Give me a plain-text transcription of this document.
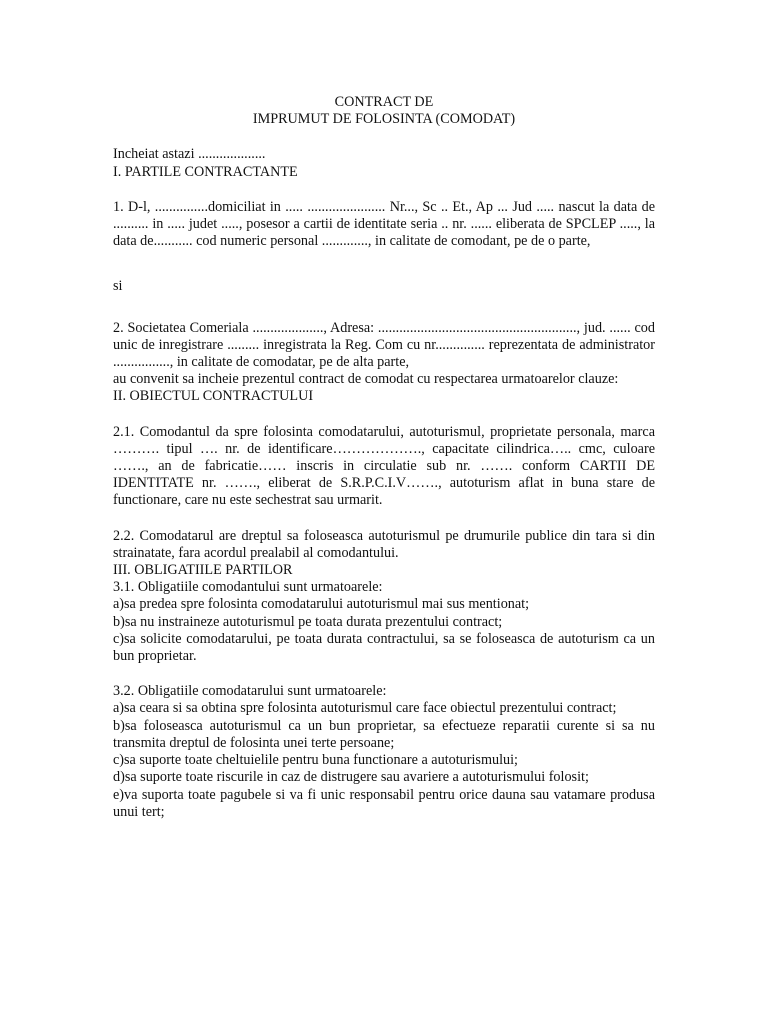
CONTRACT DE

IMPRUMUT DE FOLOSINTA (COMODAT)

Incheiat astazi ...................

I. PARTILE CONTRACTANTE

1. D-l, ...............domiciliat in ..... ...................... Nr..., Sc .. Et., Ap ... Jud ..... nascut la data de .......... in ..... judet ....., posesor a cartii de identitate seria .. nr. ...... eliberata de SPCLEP ....., la data de........... cod numeric personal ............., in calitate de comodant, pe de o parte,

si

2. Societatea Comeriala ...................., Adresa: ........................................................, jud. ...... cod unic de inregistrare ......... inregistrata la Reg. Com cu nr.............. reprezentata de administrator ................, in calitate de comodatar, pe de alta parte,

au convenit sa incheie prezentul contract de comodat cu respectarea urmatoarelor clauze:

II. OBIECTUL CONTRACTULUI

2.1. Comodantul da spre folosinta comodatarului, autoturismul, proprietate personala, marca ………. tipul …. nr. de identificare………………., capacitate cilindrica….. cmc, culoare ……., an de fabricatie…… inscris in circulatie sub nr. ……. conform CARTII DE IDENTITATE nr. ……., eliberat de S.R.P.C.I.V……., autoturism aflat in buna stare de functionare, care nu este sechestrat sau urmarit.

2.2. Comodatarul are dreptul sa foloseasca autoturismul pe drumurile publice din tara si din strainatate, fara acordul prealabil al comodantului.

III. OBLIGATIILE PARTILOR

3.1. Obligatiile comodantului sunt urmatoarele:

a)sa predea spre folosinta comodatarului autoturismul mai sus mentionat;

b)sa nu instraineze autoturismul pe toata durata prezentului contract;

c)sa solicite comodatarului, pe toata durata contractului, sa se foloseasca de autoturism ca un bun proprietar.

3.2. Obligatiile comodatarului sunt urmatoarele:

a)sa ceara si sa obtina spre folosinta autoturismul care face obiectul prezentului contract;

b)sa foloseasca autoturismul ca un bun proprietar, sa efectueze reparatii curente si sa nu transmita dreptul de folosinta unei terte persoane;

c)sa suporte toate cheltuielile pentru buna functionare a autoturismului;

d)sa suporte toate riscurile in caz de distrugere sau avariere a autoturismului folosit;

e)va suporta toate pagubele si va fi unic responsabil pentru orice dauna sau vatamare produsa unui tert;
